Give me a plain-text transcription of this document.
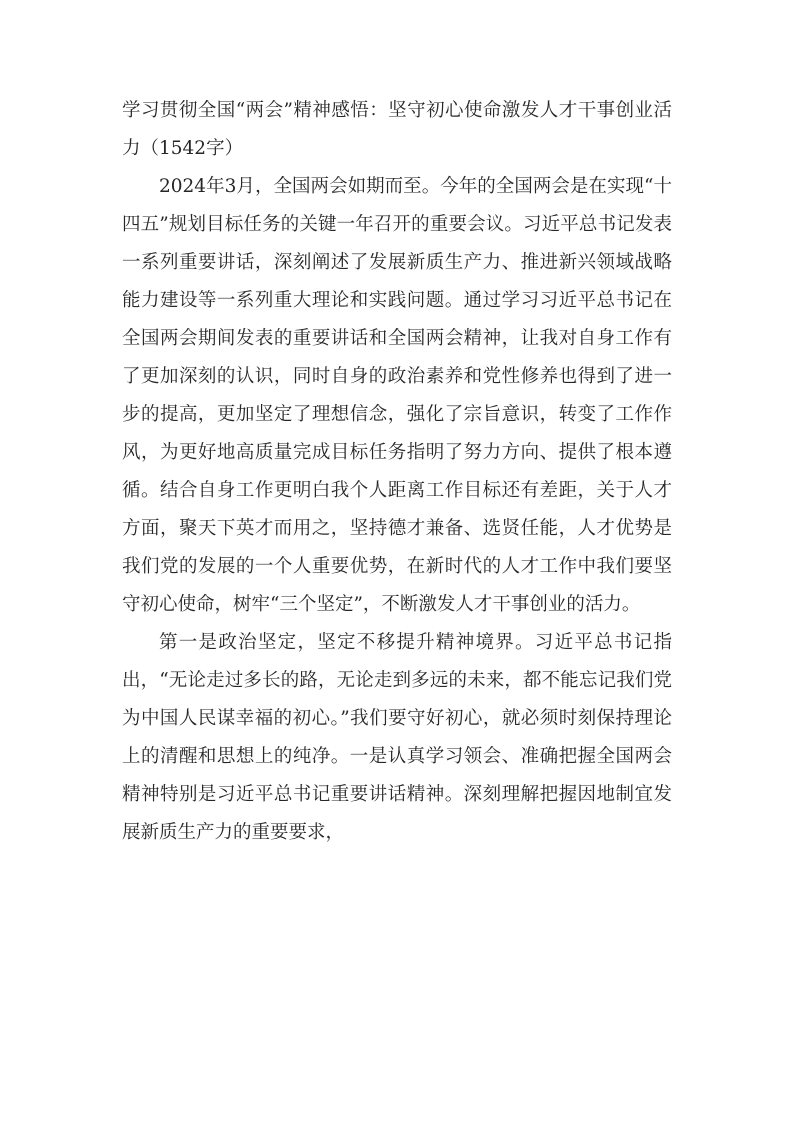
学习贯彻全国“两会”精神感悟：坚守初心使命激发人才干事创业活力（1542字）

2024年3月，全国两会如期而至。今年的全国两会是在实现“十四五”规划目标任务的关键一年召开的重要会议。习近平总书记发表一系列重要讲话，深刻阐述了发展新质生产力、推进新兴领域战略能力建设等一系列重大理论和实践问题。通过学习习近平总书记在全国两会期间发表的重要讲话和全国两会精神，让我对自身工作有了更加深刻的认识，同时自身的政治素养和党性修养也得到了进一步的提高，更加坚定了理想信念，强化了宗旨意识，转变了工作作风，为更好地高质量完成目标任务指明了努力方向、提供了根本遵循。结合自身工作更明白我个人距离工作目标还有差距，关于人才方面，聚天下英才而用之，坚持德才兼备、选贤任能，人才优势是我们党的发展的一个人重要优势，在新时代的人才工作中我们要坚守初心使命，树牢“三个坚定”，不断激发人才干事创业的活力。

第一是政治坚定，坚定不移提升精神境界。习近平总书记指出，“无论走过多长的路，无论走到多远的未来，都不能忘记我们党为中国人民谋幸福的初心。”我们要守好初心，就必须时刻保持理论上的清醒和思想上的纯净。一是认真学习领会、准确把握全国两会精神特别是习近平总书记重要讲话精神。深刻理解把握因地制宜发展新质生产力的重要要求，
